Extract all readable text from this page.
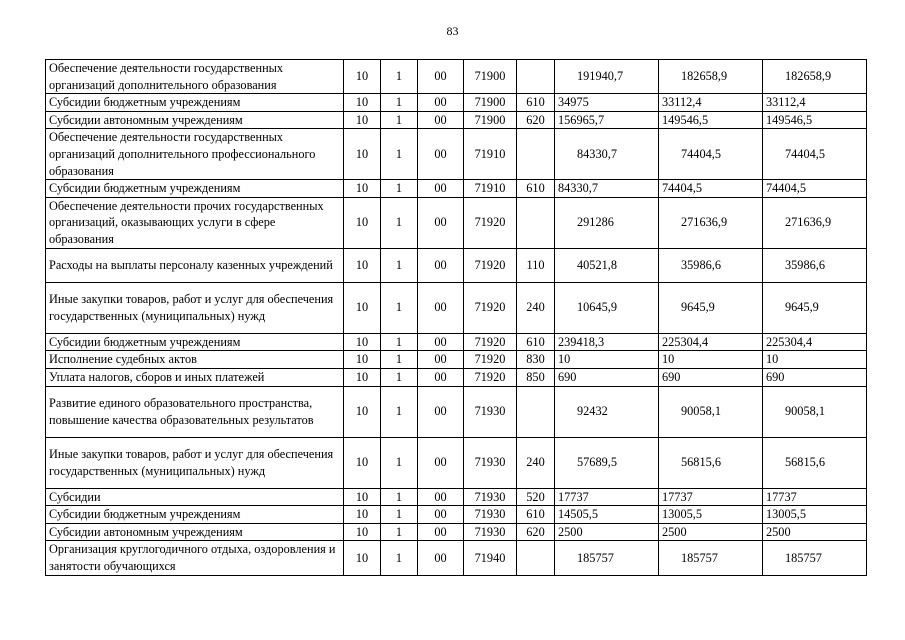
83
Обеспечение деятельности государственных организаций дополнительного образования	10	1	00	71900		191940,7	182658,9	182658,9
Субсидии бюджетным учреждениям	10	1	00	71900	610	34975	33112,4	33112,4
Субсидии автономным учреждениям	10	1	00	71900	620	156965,7	149546,5	149546,5
Обеспечение деятельности государственных организаций дополнительного профессионального образования	10	1	00	71910		84330,7	74404,5	74404,5
Субсидии бюджетным учреждениям	10	1	00	71910	610	84330,7	74404,5	74404,5
Обеспечение деятельности прочих государственных организаций, оказывающих услуги в сфере образования	10	1	00	71920		291286	271636,9	271636,9
Расходы на выплаты персоналу казенных учреждений	10	1	00	71920	110	40521,8	35986,6	35986,6
Иные закупки товаров, работ и услуг для обеспечения государственных (муниципальных) нужд	10	1	00	71920	240	10645,9	9645,9	9645,9
Субсидии бюджетным учреждениям	10	1	00	71920	610	239418,3	225304,4	225304,4
Исполнение судебных актов	10	1	00	71920	830	10	10	10
Уплата налогов, сборов и иных платежей	10	1	00	71920	850	690	690	690
Развитие единого образовательного пространства, повышение качества образовательных результатов	10	1	00	71930		92432	90058,1	90058,1
Иные закупки товаров, работ и услуг для обеспечения государственных (муниципальных) нужд	10	1	00	71930	240	57689,5	56815,6	56815,6
Субсидии	10	1	00	71930	520	17737	17737	17737
Субсидии бюджетным учреждениям	10	1	00	71930	610	14505,5	13005,5	13005,5
Субсидии автономным учреждениям	10	1	00	71930	620	2500	2500	2500
Организация круглогодичного отдыха, оздоровления и занятости обучающихся	10	1	00	71940		185757	185757	185757
